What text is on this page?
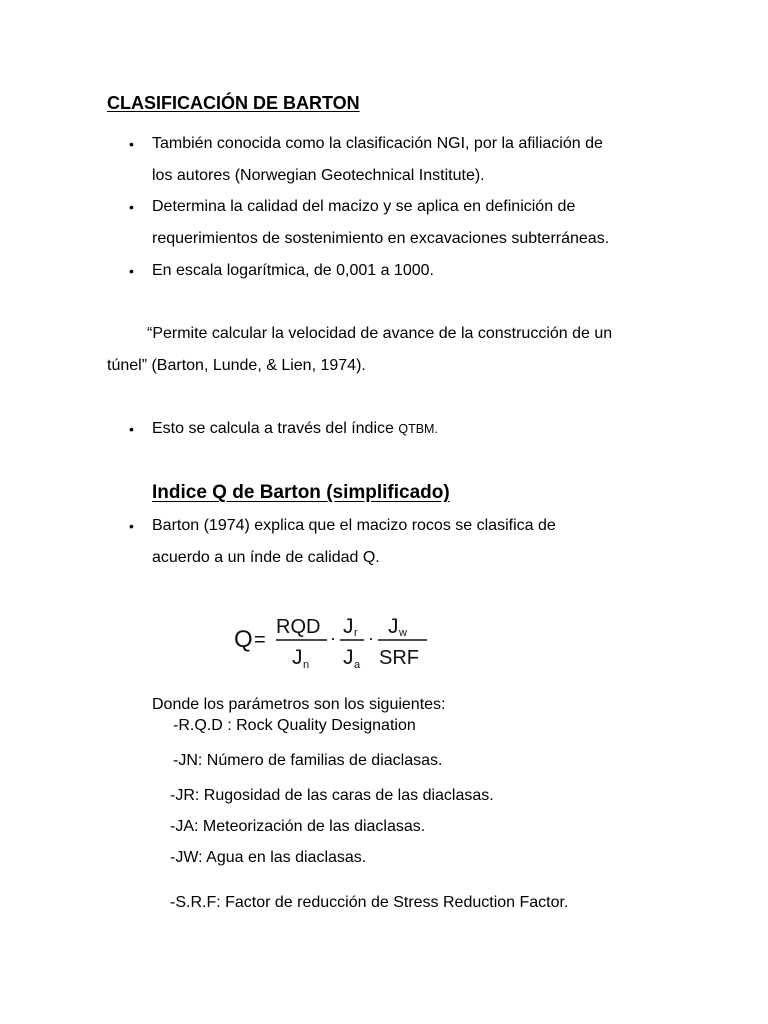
CLASIFICACIÓN DE BARTON
• También conocida como la clasificación NGI, por la afiliación de
los autores (Norwegian Geotechnical Institute).
• Determina la calidad del macizo y se aplica en definición de
requerimientos de sostenimiento en excavaciones subterráneas.
• En escala logarítmica, de 0,001 a 1000.
“Permite calcular la velocidad de avance de la construcción de un
túnel” (Barton, Lunde, & Lien, 1974).
• Esto se calcula a través del índice QTBM.
Indice Q de Barton (simplificado)
• Barton (1974) explica que el macizo rocos se clasifica de
acuerdo a un índe de calidad Q.
Q =
RQD
J n
· J r
J a
· J w
SRF
Donde los parámetros son los siguientes:
-R.Q.D : Rock Quality Designation
-JN: Número de familias de diaclasas.
-JR: Rugosidad de las caras de las diaclasas.
-JA: Meteorización de las diaclasas.
-JW: Agua en las diaclasas.
-S.R.F: Factor de reducción de Stress Reduction Factor.
